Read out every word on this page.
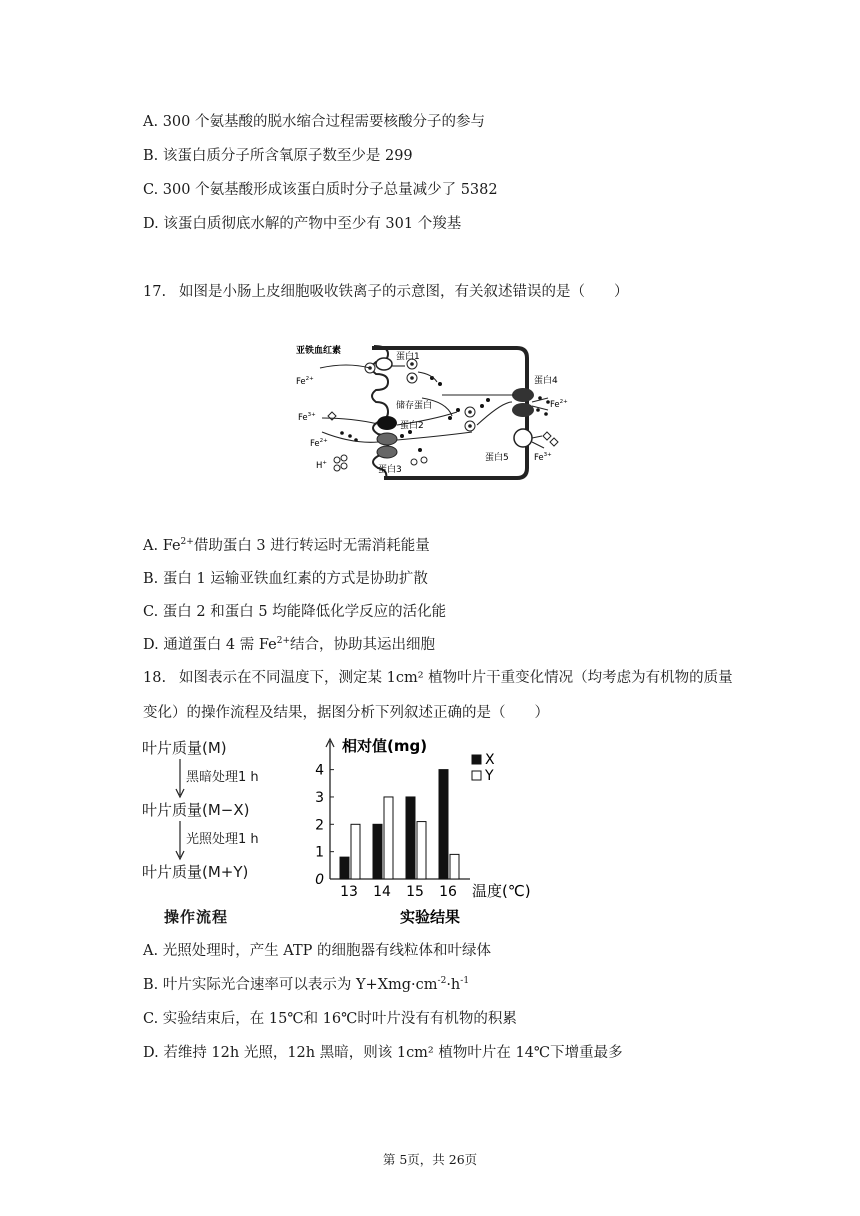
A. 300 个氨基酸的脱水缩合过程需要核酸分子的参与
B. 该蛋白质分子所含氧原子数至少是 299
C. 300 个氨基酸形成该蛋白质时分子总量减少了 5382
D. 该蛋白质彻底水解的产物中至少有 301 个羧基
17. 如图是小肠上皮细胞吸收铁离子的示意图，有关叙述错误的是（　　）
亚铁血红素
蛋白1
蛋白4
储存蛋白
蛋白2
蛋白3
蛋白5
$Fe^{2+}$
$Fe^{3+}$
$Fe^{2+}$
H+
$Fe^{2+}$
$Fe^{3+}$
A. $Fe^{2+}$借助蛋白 3 进行转运时无需消耗能量
B. 蛋白 1 运输亚铁血红素的方式是协助扩散
C. 蛋白 2 和蛋白 5 均能降低化学反应的活化能
D. 通道蛋白 4 需 $Fe^{2+}$结合，协助其运出细胞
18. 如图表示在不同温度下，测定某 1cm² 植物叶片干重变化情况（均考虑为有机物的质量
变化）的操作流程及结果，据图分析下列叙述正确的是（　　）
叶片质量(M)
黑暗处理1 h
叶片质量(M−X)
光照处理1 h
叶片质量(M+Y)
操作流程
0
1
2
3
4
13 14 15 16
相对值(mg)
温度(℃)
X
Y
实验结果
A. 光照处理时，产生 ATP 的细胞器有线粒体和叶绿体
B. 叶片实际光合速率可以表示为 $Y+Xmg\cdot cm^{-2}\cdot h^{-1}$
C. 实验结束后，在 15℃和 16℃时叶片没有有机物的积累
D. 若维持 12h 光照，12h 黑暗，则该 1cm² 植物叶片在 14℃下增重最多
第 5页，共 26页
